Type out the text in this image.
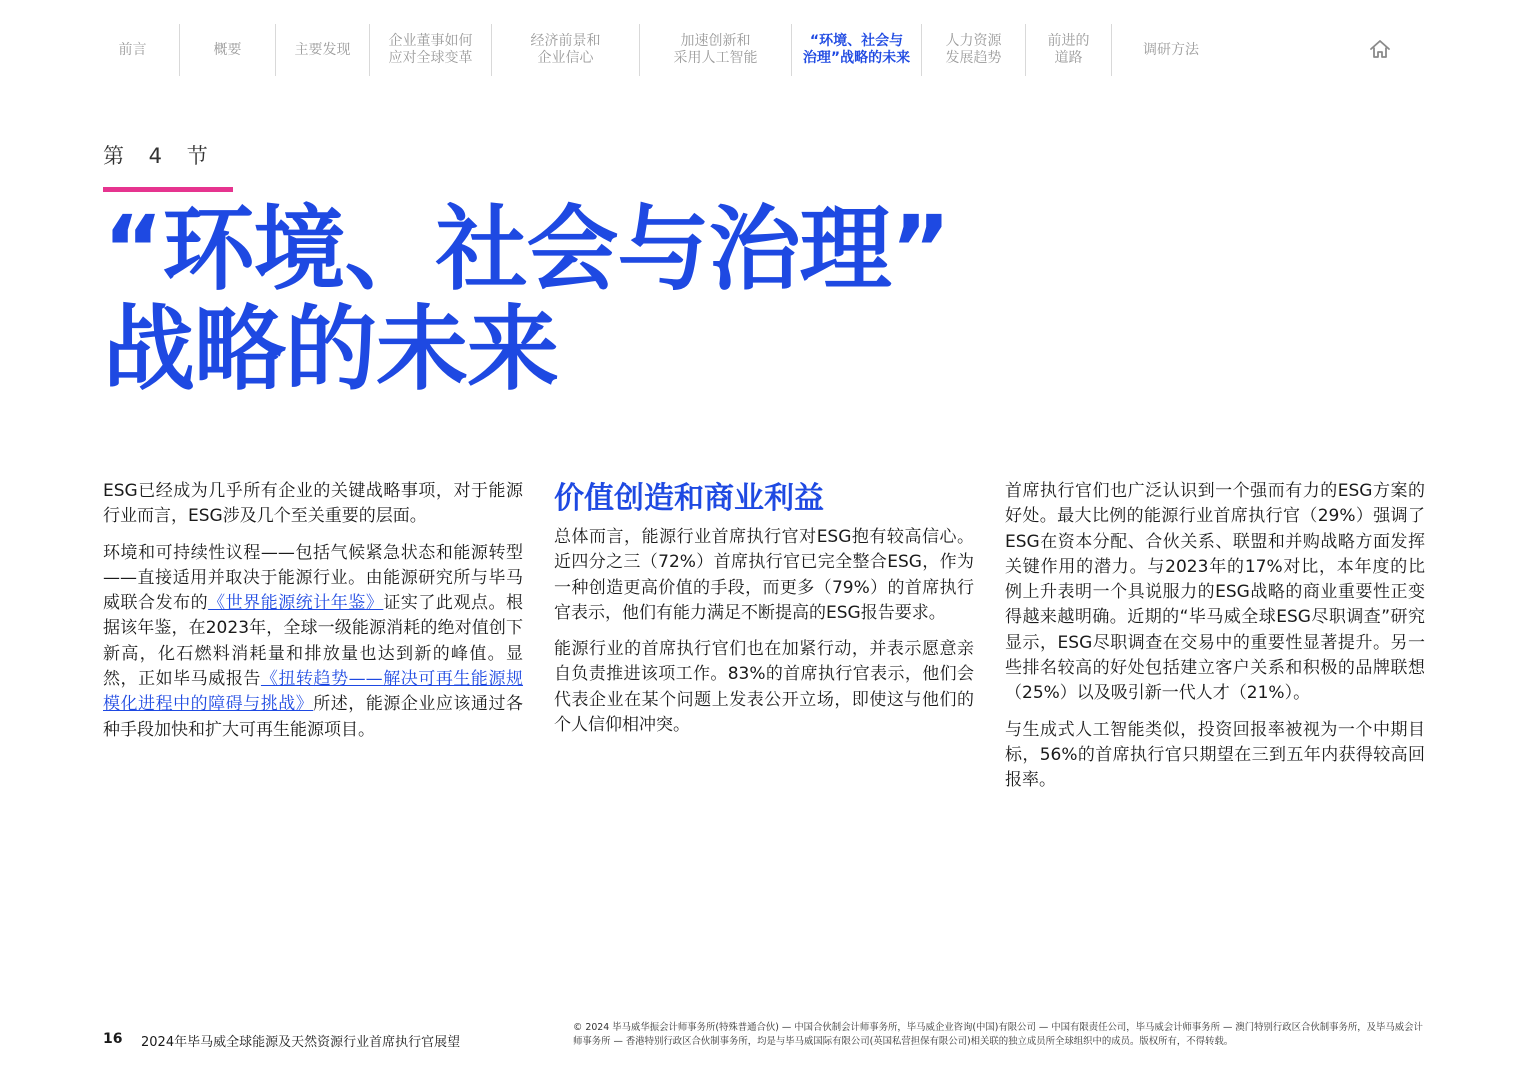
前言	概要	主要发现
企业董事如何
应对全球变革
经济前景和
企业信心
加速创新和
采用人工智能
“环境、社会与
治理”战略的未来
人力资源
发展趋势
前进的
道路
调研方法
第 4 节
“环境、社会与治理”
战略的未来

ESG已经成为几乎所有企业的关键战略事项，对于能源行业而言，ESG涉及几个至关重要的层面。

环境和可持续性议程——包括气候紧急状态和能源转型——直接适用并取决于能源行业。由能源研究所与毕马威联合发布的《世界能源统计年鉴》证实了此观点。根据该年鉴，在2023年，全球一级能源消耗的绝对值创下新高，化石燃料消耗量和排放量也达到新的峰值。显然，正如毕马威报告《扭转趋势——解决可再生能源规模化进程中的障碍与挑战》所述，能源企业应该通过各种手段加快和扩大可再生能源项目。

价值创造和商业利益

总体而言，能源行业首席执行官对ESG抱有较高信心。近四分之三（72%）首席执行官已完全整合ESG，作为一种创造更高价值的手段，而更多（79%）的首席执行官表示，他们有能力满足不断提高的ESG报告要求。

能源行业的首席执行官们也在加紧行动，并表示愿意亲自负责推进该项工作。83%的首席执行官表示，他们会代表企业在某个问题上发表公开立场，即使这与他们的个人信仰相冲突。

首席执行官们也广泛认识到一个强而有力的ESG方案的好处。最大比例的能源行业首席执行官（29%）强调了ESG在资本分配、合伙关系、联盟和并购战略方面发挥关键作用的潜力。与2023年的17%对比，本年度的比例上升表明一个具说服力的ESG战略的商业重要性正变得越来越明确。近期的“毕马威全球ESG尽职调查”研究显示，ESG尽职调查在交易中的重要性显著提升。另一些排名较高的好处包括建立客户关系和积极的品牌联想（25%）以及吸引新一代人才（21%）。

与生成式人工智能类似，投资回报率被视为一个中期目标，56%的首席执行官只期望在三到五年内获得较高回报率。

16 2024年毕马威全球能源及天然资源行业首席执行官展望
© 2024 毕马威华振会计师事务所(特殊普通合伙) — 中国合伙制会计师事务所，毕马威企业咨询(中国)有限公司 — 中国有限责任公司，毕马威会计师事务所 — 澳门特别行政区合伙制事务所，及毕马威会计师事务所 — 香港特别行政区合伙制事务所，均是与毕马威国际有限公司(英国私营担保有限公司)相关联的独立成员所全球组织中的成员。版权所有，不得转载。
